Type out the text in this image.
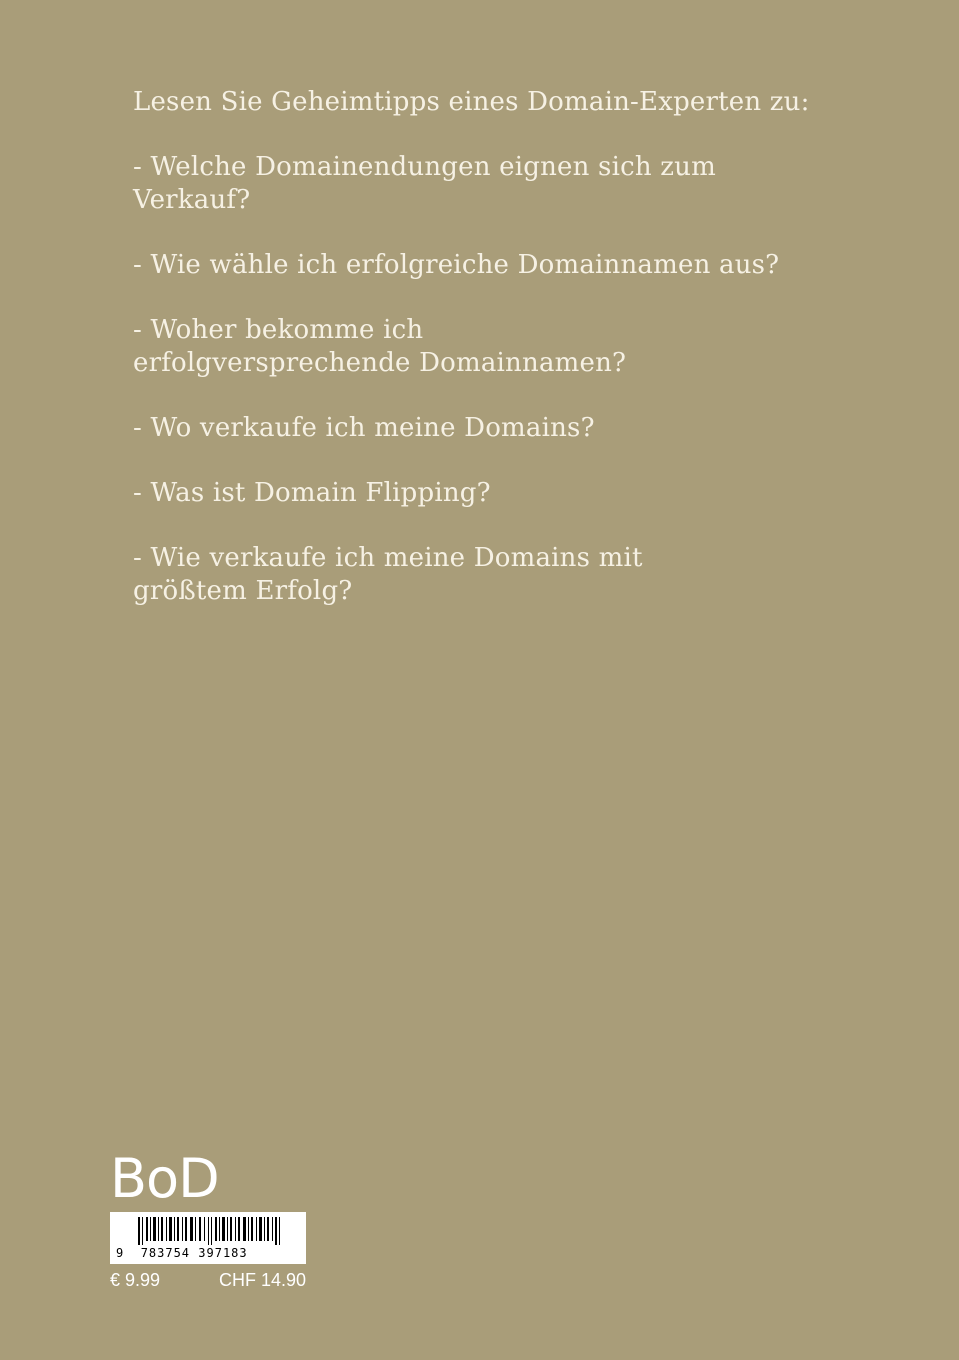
Lesen Sie Geheimtipps eines Domain-Experten zu:

- Welche Domainendungen eignen sich zum Verkauf?

- Wie wähle ich erfolgreiche Domainnamen aus?

- Woher bekomme ich erfolgversprechende Domainnamen?

- Wo verkaufe ich meine Domains?

- Was ist Domain Flipping?

- Wie verkaufe ich meine Domains mit größtem Erfolg?

BoD
9 783754 397183
€ 9.99	CHF 14.90
